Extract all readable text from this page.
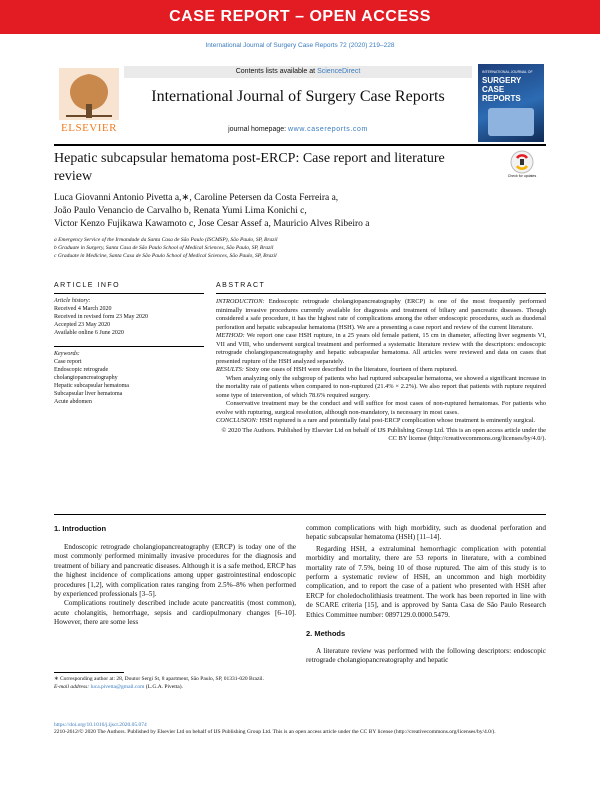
CASE REPORT – OPEN ACCESS
International Journal of Surgery Case Reports 72 (2020) 219–228
ELSEVIER
Contents lists available at ScienceDirect
International Journal of Surgery Case Reports
journal homepage: www.casereports.com
INTERNATIONAL JOURNAL OF
SURGERY
CASE
REPORTS
Hepatic subcapsular hematoma post-ERCP: Case report and literature review	Check for updates
Luca Giovanni Antonio Pivetta a,∗, Caroline Petersen da Costa Ferreira a,
João Paulo Venancio de Carvalho b, Renata Yumi Lima Konichi c,
Victor Kenzo Fujikawa Kawamoto c, Jose Cesar Assef a, Mauricio Alves Ribeiro a
a Emergency Service of the Irmandade da Santa Casa de São Paulo (ISCMSP), São Paulo, SP, Brazil
b Graduate in Surgery, Santa Casa de São Paulo School of Medical Sciences, São Paulo, SP, Brazil
c Graduate in Medicine, Santa Casa de São Paulo School of Medical Sciences, São Paulo, SP, Brazil
ARTICLE INFO
Article history:
Received 4 March 2020
Received in revised form 23 May 2020
Accepted 23 May 2020
Available online 6 June 2020
Keywords:
Case report
Endoscopic retrograde
cholangiopancreatography
Hepatic subcapsular hematoma
Subcapsular liver hematoma
Acute abdomen
ABSTRACT

INTRODUCTION: Endoscopic retrograde cholangiopancreatography (ERCP) is one of the most frequently performed minimally invasive procedures currently available for diagnosis and treatment of biliary and pancreatic diseases. Though considered a safe procedure, it has the highest rate of complications among the other endoscopic procedures, such as duodenal perforation and hepatic subcapsular hematoma (HSH). We are a presenting a case report and review of the current literature.

METHOD: We report one case HSH rupture, in a 25 years old female patient, 15 cm in diameter, affecting liver segments VI, VII and VIII, who underwent surgical treatment and performed a systematic literature review with the descriptors: endoscopic retrograde cholangiopancreatography and hepatic subcapsular hematoma. All articles were reviewed and data on cases that presented rupture of the HSH analyzed separately.

RESULTS: Sixty one cases of HSH were described in the literature, fourteen of them ruptured.

When analyzing only the subgroup of patients who had ruptured subcapsular hematoma, we showed a significant increase in the mortality rate of patients when compared to non-ruptured (21.4% × 2.2%). We also report that patients with rupture required some type of intervention, of which 78.6% required surgery.

Conservative treatment may be the conduct and will suffice for most cases of non-ruptured hematomas. For patients who evolve with rupturing, surgical resolution, although non-mandatory, is necessary in most cases.

CONCLUSION: HSH ruptured is a rare and potentially fatal post-ERCP complication whose treatment is eminently surgical.

© 2020 The Authors. Published by Elsevier Ltd on behalf of IJS Publishing Group Ltd. This is an open access article under the CC BY license (http://creativecommons.org/licenses/by/4.0/).

1. Introduction

Endoscopic retrograde cholangiopancreatography (ERCP) is today one of the most commonly performed minimally invasive procedures for the diagnosis and treatment of biliary and pancreatic diseases. Although it is a safe method, ERCP has the highest incidence of complications among upper gastrointestinal endoscopic procedures [1,2], with complication rates ranging from 2.5%–8% when performed by experienced professionals [3–5].

Complications routinely described include acute pancreatitis (most common), acute cholangitis, hemorrhage, sepsis and cardiopulmonary changes [6–10]. However, there are some less

common complications with high morbidity, such as duodenal perforation and hepatic subcapsular hematoma (HSH) [11–14].

Regarding HSH, a extraluminal hemorrhagic complication with potential morbidity and mortality, there are 53 reports in literature, with a combined mortality rate of 7.5%, being 10 of those ruptured. The aim of this study is to perform a systematic review of HSH, an uncommon and high morbidity complication, and to report the case of a patient who presented with HSH after ERCP for choledocholithiasis treatment. The work has been reported in line with de SCARE criteria [15], and is approved by Santa Casa de São Paulo Research Ethics Committee number: 0897129.0.0000.5479.

2. Methods

A literature review was performed with the following descriptors: endoscopic retrograde cholangiopancreatography and hepatic

∗ Corresponding author at: 28, Doutor Sergi St, 8 apartment, São Paulo, SP, 01331-020 Brazil.
E-mail address: luca.pivetta@gmail.com (L.G.A. Pivetta).
https://doi.org/10.1016/j.ijscr.2020.05.074
2210-2612/© 2020 The Authors. Published by Elsevier Ltd on behalf of IJS Publishing Group Ltd. This is an open access article under the CC BY license (http://creativecommons.org/licenses/by/4.0/).
